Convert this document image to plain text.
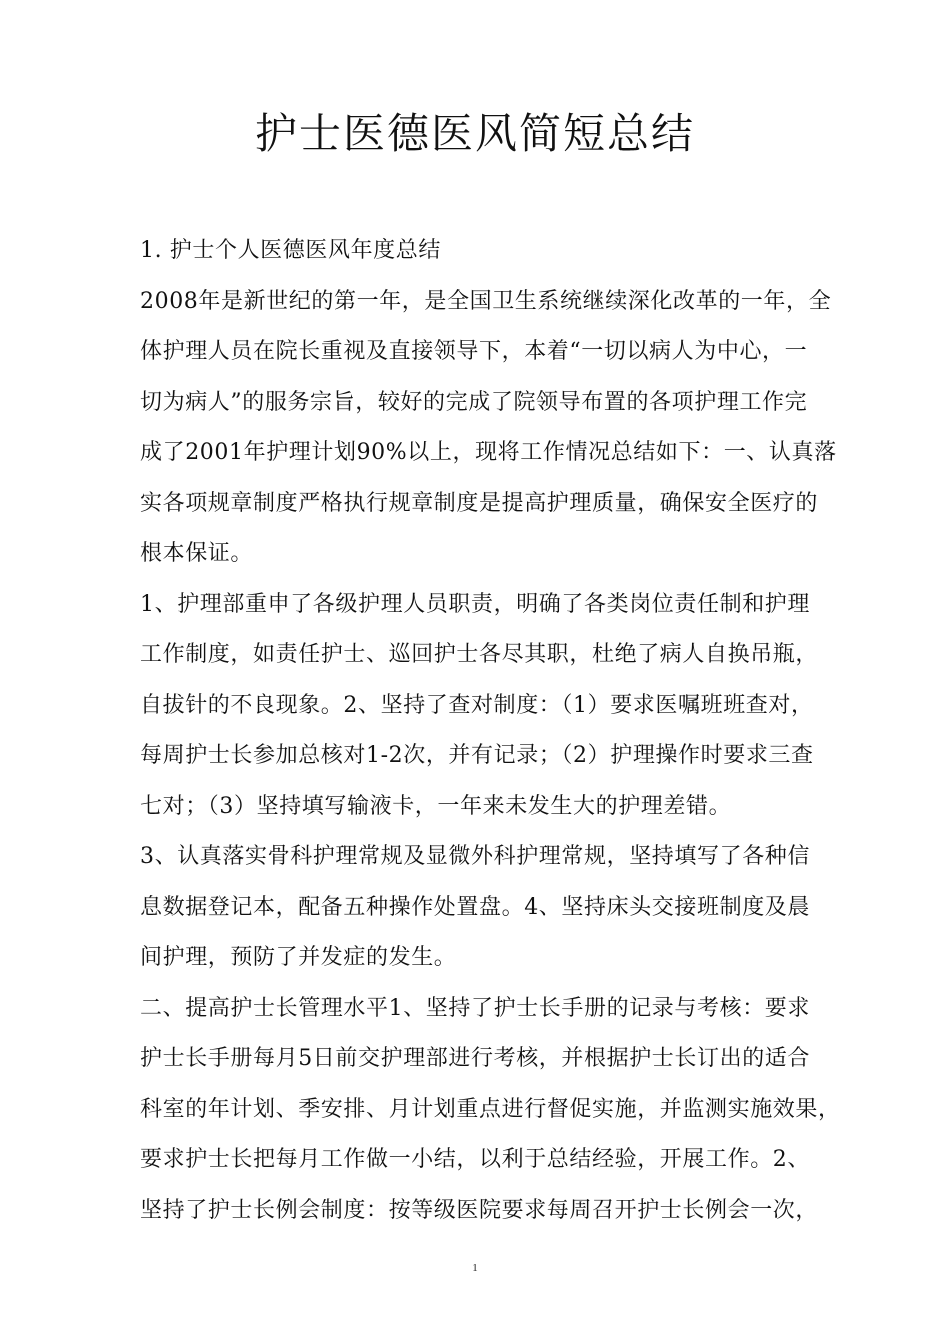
护士医德医风简短总结
1. 护士个人医德医风年度总结
2008年是新世纪的第一年，是全国卫生系统继续深化改革的一年，全
体护理人员在院长重视及直接领导下，本着“一切以病人为中心，一
切为病人”的服务宗旨，较好的完成了院领导布置的各项护理工作完
成了2001年护理计划90%以上，现将工作情况总结如下：一、认真落
实各项规章制度严格执行规章制度是提高护理质量，确保安全医疗的
根本保证。
1、护理部重申了各级护理人员职责，明确了各类岗位责任制和护理
工作制度，如责任护士、巡回护士各尽其职，杜绝了病人自换吊瓶，
自拔针的不良现象。2、坚持了查对制度：（1）要求医嘱班班查对，
每周护士长参加总核对1-2次，并有记录；（2）护理操作时要求三查
七对；（3）坚持填写输液卡，一年来未发生大的护理差错。
3、认真落实骨科护理常规及显微外科护理常规，坚持填写了各种信
息数据登记本，配备五种操作处置盘。4、坚持床头交接班制度及晨
间护理，预防了并发症的发生。
二、提高护士长管理水平1、坚持了护士长手册的记录与考核：要求
护士长手册每月5日前交护理部进行考核，并根据护士长订出的适合
科室的年计划、季安排、月计划重点进行督促实施，并监测实施效果，
要求护士长把每月工作做一小结，以利于总结经验，开展工作。2、
坚持了护士长例会制度：按等级医院要求每周召开护士长例会一次，
1
